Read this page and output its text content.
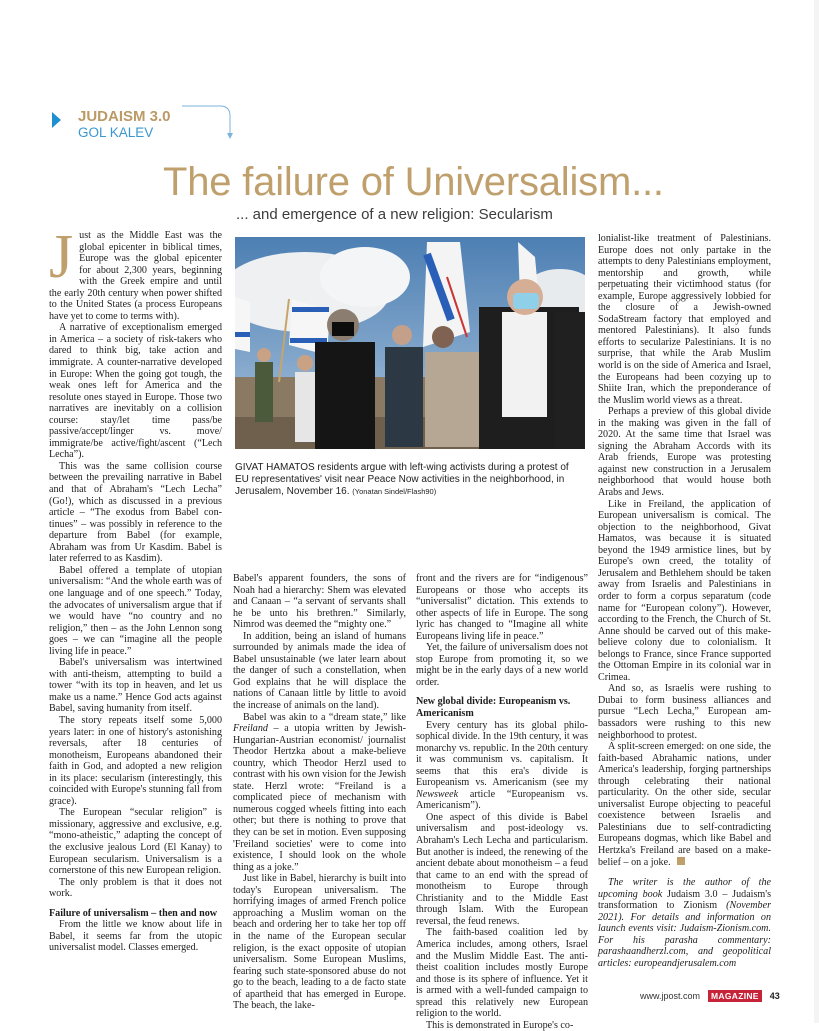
JUDAISM 3.0
GOL KALEV
The failure of Universalism...
... and emergence of a new religion: Secularism

Just as the Middle East was the global epicenter in biblical times, Europe was the global epicenter for about 2,300 years, beginning with the Greek empire and until the early 20th century when power shifted to the United States (a process Europeans have yet to come to terms with).

A narrative of exceptionalism emerged in America – a society of risk-takers who dared to think big, take action and immigrate. A counter-narrative developed in Europe: When the going got tough, the weak ones left for America and the resolute ones stayed in Europe. Those two narratives are inevitably on a collision course: stay/let time pass/be passive/accept/linger vs. move/ immigrate/be active/fight/ascent (“Lech Lecha”).

This was the same collision course between the prevailing narrative in Babel and that of Abraham's “Lech Lecha” (Go!), which as discussed in a previous article – “The exodus from Babel continues” – was possibly in reference to the departure from Babel (for example, Abraham was from Ur Kasdim. Babel is later referred to as Kasdim).

Babel offered a template of utopian universalism: “And the whole earth was of one language and of one speech.” Today, the advocates of universalism argue that if we would have “no country and no religion,” then – as the John Lennon song goes – we can “imagine all the people living life in peace.”

Babel's universalism was intertwined with anti-theism, attempting to build a tower “with its top in heaven, and let us make us a name.” Hence God acts against Babel, saving humanity from itself.

The story repeats itself some 5,000 years later: in one of history's astonishing reversals, after 18 centuries of monotheism, Europeans abandoned their faith in God, and adopted a new religion in its place: secularism (interestingly, this coincided with Europe's stunning fall from grace).

The European “secular religion” is missionary, aggressive and exclusive, e.g. “mono-atheistic,” adapting the concept of the exclusive jealous Lord (El Kanay) to European secularism. Universalism is a cornerstone of this new European religion.

The only problem is that it does not work.

Failure of universalism – then and now

From the little we know about life in Babel, it seems far from the utopic universalist model. Classes emerged.

GIVAT HAMATOS residents argue with left-wing activists during a protest of EU representatives' visit near Peace Now activities in the neighborhood, in Jerusalem, November 16. (Yonatan Sindel/Flash90)

Babel's apparent founders, the sons of Noah had a hierarchy: Shem was elevated and Canaan – “a servant of servants shall he be unto his brethren.” Similarly, Nimrod was deemed the “mighty one.”

In addition, being an island of humans surrounded by animals made the idea of Babel unsustainable (we later learn about the danger of such a constellation, when God explains that he will displace the nations of Canaan little by little to avoid the increase of animals on the land).

Babel was akin to a “dream state,” like Freiland – a utopia written by Jewish-Hungarian-Austrian economist/ journalist Theodor Hertzka about a make-believe country, which Theodor Herzl used to contrast with his own vision for the Jewish state. Herzl wrote: “Freiland is a complicated piece of mechanism with numerous cogged wheels fitting into each other; but there is nothing to prove that they can be set in motion. Even supposing 'Freiland societies' were to come into existence, I should look on the whole thing as a joke.”

Just like in Babel, hierarchy is built into today's European universalism. The horrifying images of armed French police approaching a Muslim woman on the beach and ordering her to take her top off in the name of the European secular religion, is the exact opposite of utopian universalism. Some European Muslims, fearing such state-sponsored abuse do not go to the beach, leading to a de facto state of apartheid that has emerged in Europe. The beach, the lake-

front and the rivers are for “indigenous” Europeans or those who accepts its “universalist” dictation. This extends to other aspects of life in Europe. The song lyric has changed to “Imagine all white Europeans living life in peace.”

Yet, the failure of universalism does not stop Europe from promoting it, so we might be in the early days of a new world order.

New global divide: Europeanism vs. Americanism

Every century has its global philosophical divide. In the 19th century, it was monarchy vs. republic. In the 20th century it was communism vs. capitalism. It seems that this era's divide is Europeanism vs. Americanism (see my Newsweek article “Europeanism vs. Americanism”).

One aspect of this divide is Babel universalism and post-ideology vs. Abraham's Lech Lecha and particularism. But another is indeed, the renewing of the ancient debate about monotheism – a feud that came to an end with the spread of monotheism to Europe through Christianity and to the Middle East through Islam. With the European reversal, the feud renews.

The faith-based coalition led by America includes, among others, Israel and the Muslim Middle East. The anti-theist coalition includes mostly Europe and those is its sphere of influence. Yet it is armed with a well-funded campaign to spread this relatively new European religion to the world.

This is demonstrated in Europe's co-

lonialist-like treatment of Palestinians. Europe does not only partake in the attempts to deny Palestinians employment, mentorship and growth, while perpetuating their victimhood status (for example, Europe aggressively lobbied for the closure of a Jewish-owned SodaStream factory that employed and mentored Palestinians). It also funds efforts to secularize Palestinians. It is no surprise, that while the Arab Muslim world is on the side of America and Israel, the Europeans had been cozying up to Shiite Iran, which the preponderance of the Muslim world views as a threat.

Perhaps a preview of this global divide in the making was given in the fall of 2020. At the same time that Israel was signing the Abraham Accords with its Arab friends, Europe was protesting against new construction in a Jerusalem neighborhood that would house both Arabs and Jews.

Like in Freiland, the application of European universalism is comical. The objection to the neighborhood, Givat Hamatos, was because it is situated beyond the 1949 armistice lines, but by Europe's own creed, the totality of Jerusalem and Bethlehem should be taken away from Israelis and Palestinians in order to form a corpus separatum (code name for “European colony”). However, according to the French, the Church of St. Anne should be carved out of this make-believe colony due to colonialism. It belongs to France, since France supported the Ottoman Empire in its colonial war in Crimea.

And so, as Israelis were rushing to Dubai to form business alliances and pursue “Lech Lecha,” European ambassadors were rushing to this new neighborhood to protest.

A split-screen emerged: on one side, the faith-based Abrahamic nations, under America's leadership, forging partnerships through celebrating their national particularity. On the other side, secular universalist Europe objecting to peaceful coexistence between Israelis and Palestinians due to self-contradicting Europeans dogmas, which like Babel and Hertzka's Freiland are based on a make-belief – on a joke.

The writer is the author of the upcoming book Judaism 3.0 – Judaism's transformation to Zionism (November 2021). For details and information on launch events visit: Judaism-Zionism.com. For his parasha commentary: parashaandherzl.com, and geopolitical articles: europeandjerusalem.com

www.jpost.com MAGAZINE 43
